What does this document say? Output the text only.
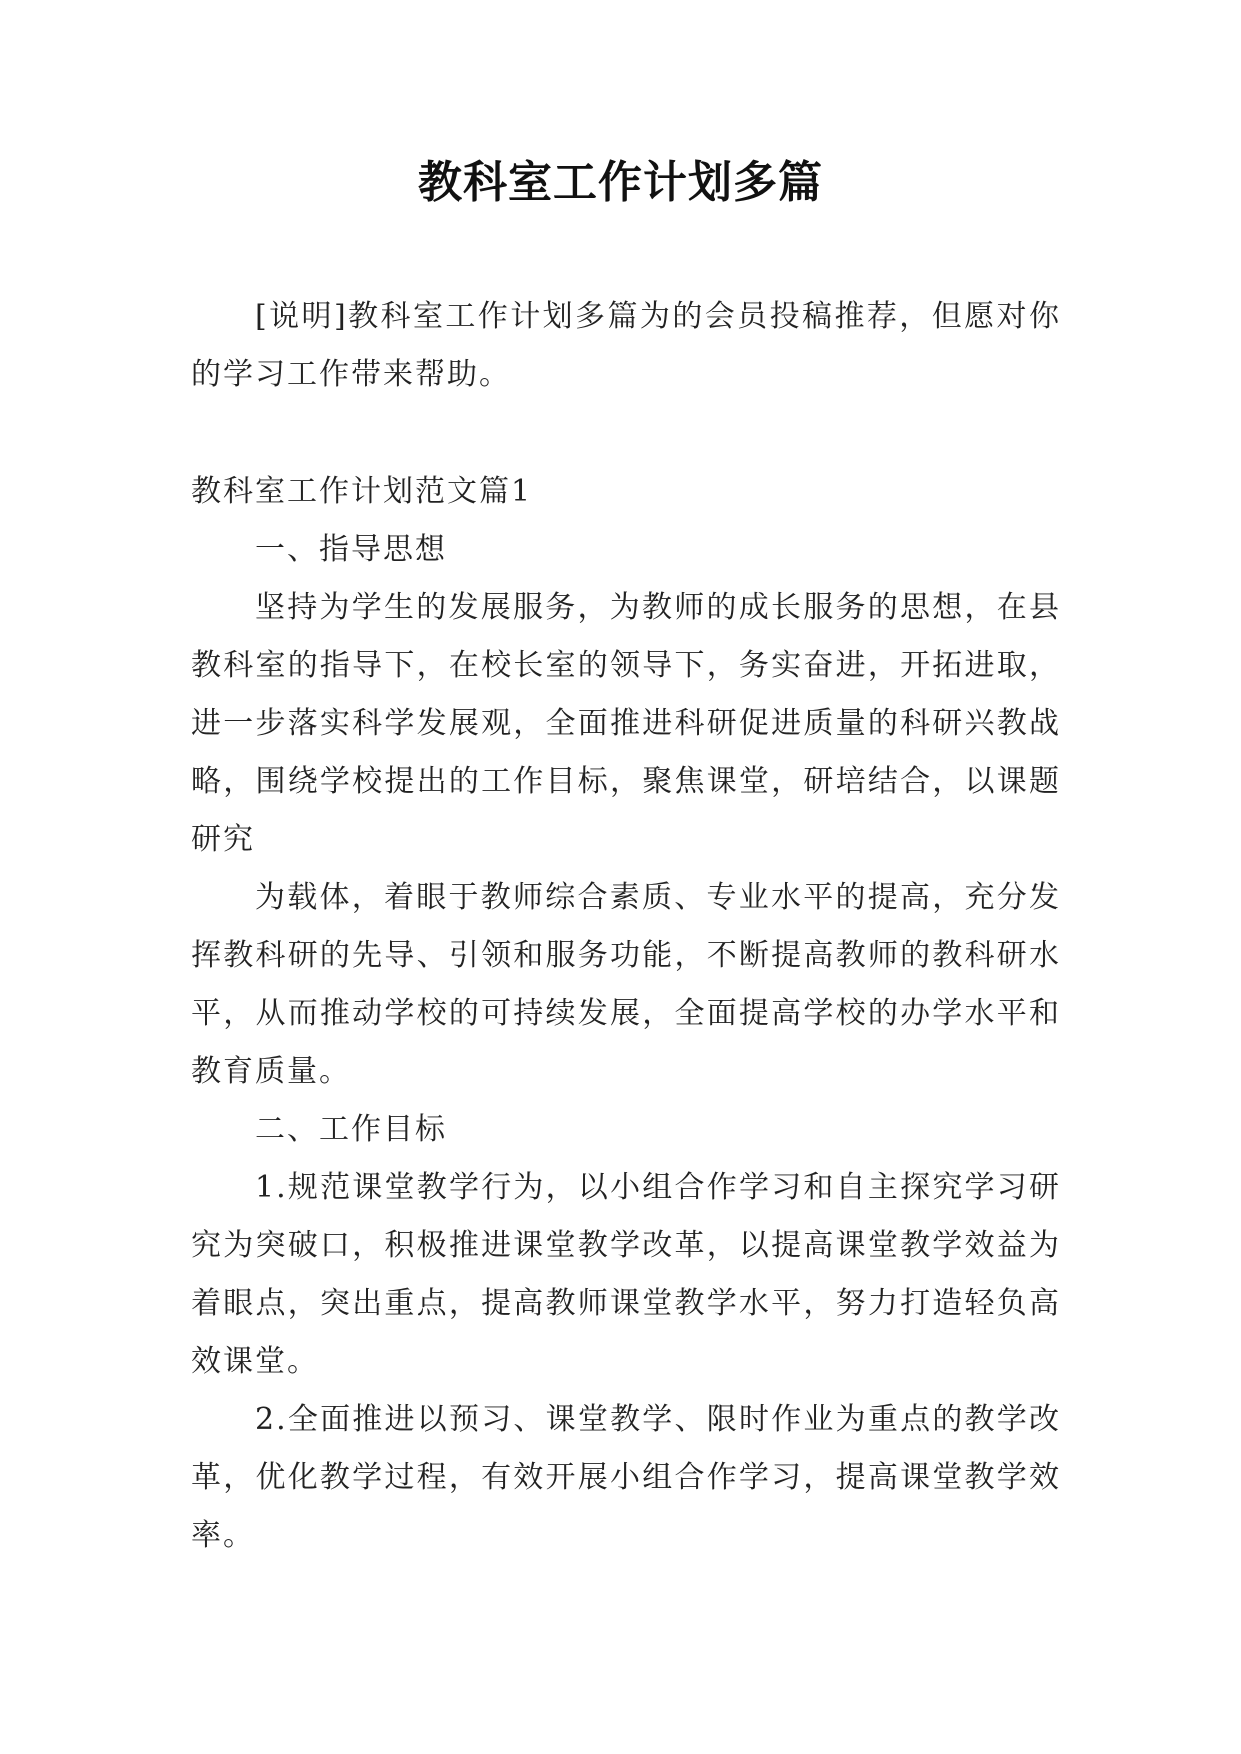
教科室工作计划多篇

[说明]教科室工作计划多篇为的会员投稿推荐，但愿对你的学习工作带来帮助。

教科室工作计划范文篇1

一、指导思想

坚持为学生的发展服务，为教师的成长服务的思想，在县教科室的指导下，在校长室的领导下，务实奋进，开拓进取，进一步落实科学发展观，全面推进科研促进质量的科研兴教战略，围绕学校提出的工作目标，聚焦课堂，研培结合，以课题研究

为载体，着眼于教师综合素质、专业水平的提高，充分发挥教科研的先导、引领和服务功能，不断提高教师的教科研水平，从而推动学校的可持续发展，全面提高学校的办学水平和教育质量。

二、工作目标

1.规范课堂教学行为，以小组合作学习和自主探究学习研究为突破口，积极推进课堂教学改革，以提高课堂教学效益为着眼点，突出重点，提高教师课堂教学水平，努力打造轻负高效课堂。

2.全面推进以预习、课堂教学、限时作业为重点的教学改革，优化教学过程，有效开展小组合作学习，提高课堂教学效率。
